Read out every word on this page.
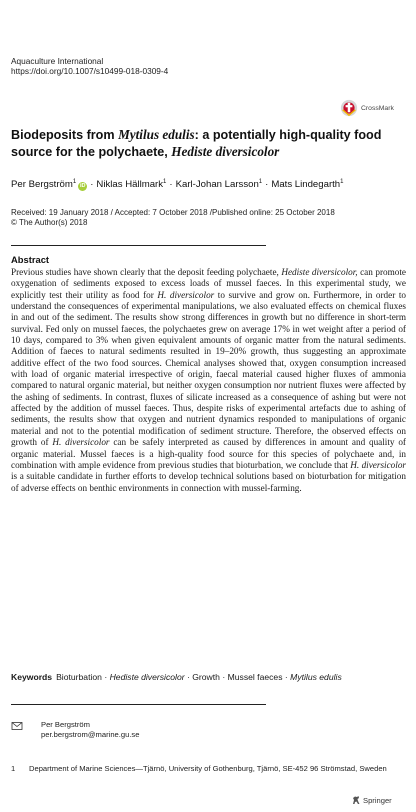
Aquaculture International
https://doi.org/10.1007/s10499-018-0309-4
CrossMark
Biodeposits from Mytilus edulis: a potentially high-quality food source for the polychaete, Hediste diversicolor
Per Bergström$^1$iD · Niklas Hällmark$^1$ · Karl-Johan Larsson$^1$ · Mats Lindegarth$^1$
Received: 19 January 2018 / Accepted: 7 October 2018 /Published online: 25 October 2018
© The Author(s) 2018
Abstract

Previous studies have shown clearly that the deposit feeding polychaete, Hediste diversicolor, can promote oxygenation of sediments exposed to excess loads of mussel faeces. In this experimental study, we explicitly test their utility as food for H. diversicolor to survive and grow on. Furthermore, in order to understand the consequences of experimental manipulations, we also evaluated effects on chemical fluxes in and out of the sediment. The results show strong differences in growth but no difference in short-term survival. Fed only on mussel faeces, the polychaetes grew on average 17% in wet weight after a period of 10 days, compared to 3% when given equivalent amounts of organic matter from the natural sediments. Addition of faeces to natural sediments resulted in 19–20% growth, thus suggesting an approximate additive effect of the two food sources. Chemical analyses showed that, oxygen consumption increased with load of organic material irrespective of origin, faecal material caused higher fluxes of ammonia compared to natural organic material, but neither oxygen consumption nor nutrient fluxes were affected by the ashing of sediments. In contrast, fluxes of silicate increased as a consequence of ashing but were not affected by the addition of mussel faeces. Thus, despite risks of experimental artefacts due to ashing of sediments, the results show that oxygen and nutrient dynamics responded to manipulations of organic material and not to the potential modification of sediment structure. Therefore, the observed effects on growth of H. diversicolor can be safely interpreted as caused by differences in amount and quality of organic material. Mussel faeces is a high-quality food source for this species of polychaete and, in combination with ample evidence from previous studies that bioturbation, we conclude that H. diversicolor is a suitable candidate in further efforts to develop technical solutions based on bioturbation for mitigation of adverse effects on benthic environments in connection with mussel-farming.

Keywords Bioturbation · Hediste diversicolor · Growth · Mussel faeces · Mytilus edulis
Per Bergström
per.bergstrom@marine.gu.se
1 Department of Marine Sciences—Tjärnö, University of Gothenburg, Tjärnö, SE-452 96 Strömstad, Sweden
Springer
